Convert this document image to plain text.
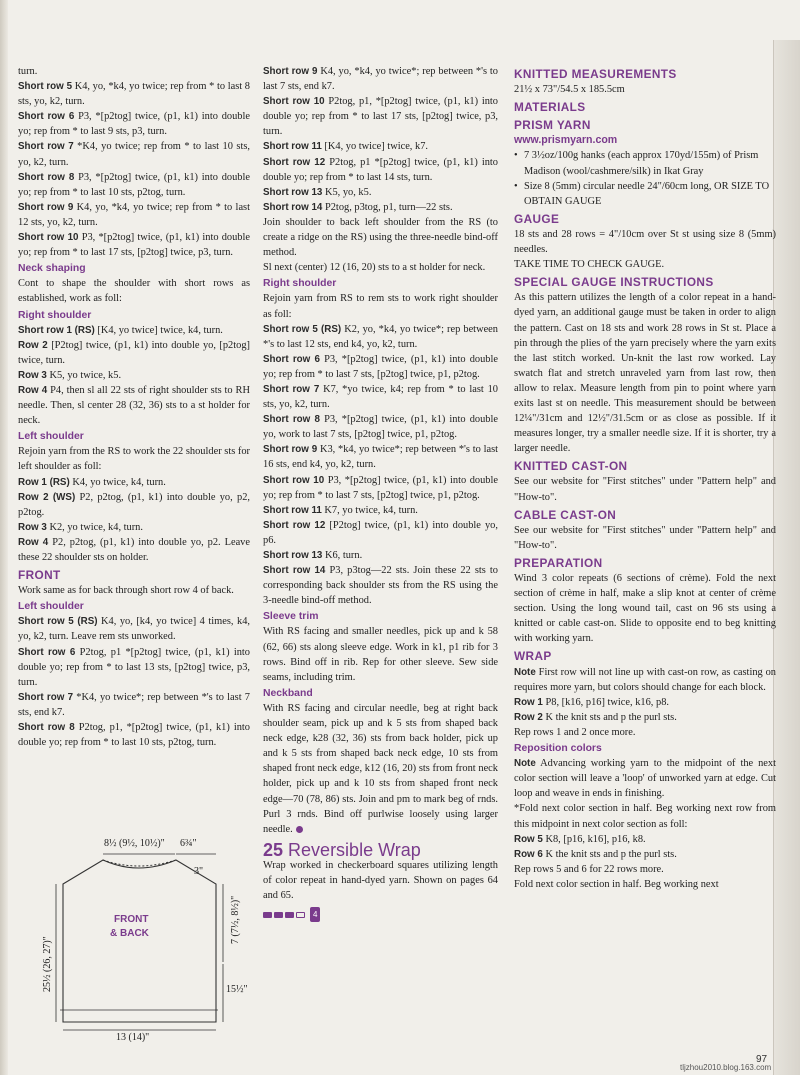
turn.

Short row 5 K4, yo, *k4, yo twice; rep from * to last 8 sts, yo, k2, turn.

Short row 6 P3, *[p2tog] twice, (p1, k1) into double yo; rep from * to last 9 sts, p3, turn.

Short row 7 *K4, yo twice; rep from * to last 10 sts, yo, k2, turn.

Short row 8 P3, *[p2tog] twice, (p1, k1) into double yo; rep from * to last 10 sts, p2tog, turn.

Short row 9 K4, yo, *k4, yo twice; rep from * to last 12 sts, yo, k2, turn.

Short row 10 P3, *[p2tog] twice, (p1, k1) into double yo; rep from * to last 17 sts, [p2tog] twice, p3, turn.

Neck shaping

Cont to shape the shoulder with short rows as established, work as foll:

Right shoulder

Short row 1 (RS) [K4, yo twice] twice, k4, turn.

Row 2 [P2tog] twice, (p1, k1) into double yo, [p2tog] twice, turn.

Row 3 K5, yo twice, k5.

Row 4 P4, then sl all 22 sts of right shoulder sts to RH needle. Then, sl center 28 (32, 36) sts to a st holder for neck.

Left shoulder

Rejoin yarn from the RS to work the 22 shoulder sts for left shoulder as foll:

Row 1 (RS) K4, yo twice, k4, turn.

Row 2 (WS) P2, p2tog, (p1, k1) into double yo, p2, p2tog.

Row 3 K2, yo twice, k4, turn.

Row 4 P2, p2tog, (p1, k1) into double yo, p2. Leave these 22 shoulder sts on holder.

FRONT

Work same as for back through short row 4 of back.

Left shoulder

Short row 5 (RS) K4, yo, [k4, yo twice] 4 times, k4, yo, k2, turn. Leave rem sts unworked.

Short row 6 P2tog, p1 *[p2tog] twice, (p1, k1) into double yo; rep from * to last 13 sts, [p2tog] twice, p3, turn.

Short row 7 *K4, yo twice*; rep between *'s to last 7 sts, end k7.

Short row 8 P2tog, p1, *[p2tog] twice, (p1, k1) into double yo; rep from * to last 10 sts, p2tog, turn.

Short row 9 K4, yo, *k4, yo twice*; rep between *'s to last 7 sts, end k7.

Short row 10 P2tog, p1, *[p2tog] twice, (p1, k1) into double yo; rep from * to last 17 sts, [p2tog] twice, p3, turn.

Short row 11 [K4, yo twice] twice, k7.

Short row 12 P2tog, p1 *[p2tog] twice, (p1, k1) into double yo; rep from * to last 14 sts, turn.

Short row 13 K5, yo, k5.

Short row 14 P2tog, p3tog, p1, turn—22 sts.

Join shoulder to back left shoulder from the RS (to create a ridge on the RS) using the three-needle bind-off method.

Sl next (center) 12 (16, 20) sts to a st holder for neck.

Right shoulder

Rejoin yarn from RS to rem sts to work right shoulder as foll:

Short row 5 (RS) K2, yo, *k4, yo twice*; rep between *'s to last 12 sts, end k4, yo, k2, turn.

Short row 6 P3, *[p2tog] twice, (p1, k1) into double yo; rep from * to last 7 sts, [p2tog] twice, p1, p2tog.

Short row 7 K7, *yo twice, k4; rep from * to last 10 sts, yo, k2, turn.

Short row 8 P3, *[p2tog] twice, (p1, k1) into double yo, work to last 7 sts, [p2tog] twice, p1, p2tog.

Short row 9 K3, *k4, yo twice*; rep between *'s to last 16 sts, end k4, yo, k2, turn.

Short row 10 P3, *[p2tog] twice, (p1, k1) into double yo; rep from * to last 7 sts, [p2tog] twice, p1, p2tog.

Short row 11 K7, yo twice, k4, turn.

Short row 12 [P2tog] twice, (p1, k1) into double yo, p6.

Short row 13 K6, turn.

Short row 14 P3, p3tog—22 sts. Join these 22 sts to corresponding back shoulder sts from the RS using the 3-needle bind-off method.

Sleeve trim

With RS facing and smaller needles, pick up and k 58 (62, 66) sts along sleeve edge. Work in k1, p1 rib for 3 rows. Bind off in rib. Rep for other sleeve. Sew side seams, including trim.

Neckband

With RS facing and circular needle, beg at right back shoulder seam, pick up and k 5 sts from shaped back neck edge, k28 (32, 36) sts from back holder, pick up and k 5 sts from shaped back neck edge, 10 sts from shaped front neck edge, k12 (16, 20) sts from front neck holder, pick up and k 10 sts from shaped front neck edge—70 (78, 86) sts. Join and pm to mark beg of rnds. Purl 3 rnds. Bind off purlwise loosely using larger needle.

25 Reversible Wrap

Wrap worked in checkerboard squares utilizing length of color repeat in hand-dyed yarn. Shown on pages 64 and 65.

4
KNITTED MEASUREMENTS

21½ x 73"/54.5 x 185.5cm

MATERIALS
PRISM YARN
www.prismyarn.com
• 7 3½oz/100g hanks (each approx 170yd/155m) of Prism Madison (wool/cashmere/silk) in Ikat Gray
• Size 8 (5mm) circular needle 24"/60cm long, OR SIZE TO OBTAIN GAUGE
GAUGE

18 sts and 28 rows = 4"/10cm over St st using size 8 (5mm) needles.

TAKE TIME TO CHECK GAUGE.

SPECIAL GAUGE INSTRUCTIONS

As this pattern utilizes the length of a color repeat in a hand-dyed yarn, an additional gauge must be taken in order to align the pattern. Cast on 18 sts and work 28 rows in St st. Place a pin through the plies of the yarn precisely where the yarn exits the last stitch worked. Un-knit the last row worked. Lay swatch flat and stretch unraveled yarn from last row, then allow to relax. Measure length from pin to point where yarn exits last st on needle. This measurement should be between 12¼"/31cm and 12½"/31.5cm or as close as possible. If it measures longer, try a smaller needle size. If it is shorter, try a larger needle.

KNITTED CAST-ON

See our website for "First stitches" under "Pattern help" and "How-to".

CABLE CAST-ON

See our website for "First stitches" under "Pattern help" and "How-to".

PREPARATION

Wind 3 color repeats (6 sections of crème). Fold the next section of crème in half, make a slip knot at center of crème section. Using the long wound tail, cast on 96 sts using a knitted or cable cast-on. Slide to opposite end to beg knitting with working yarn.

WRAP

Note First row will not line up with cast-on row, as casting on requires more yarn, but colors should change for each block.

Row 1 P8, [k16, p16] twice, k16, p8.

Row 2 K the knit sts and p the purl sts.

Rep rows 1 and 2 once more.

Reposition colors

Note Advancing working yarn to the midpoint of the next color section will leave a 'loop' of unworked yarn at edge. Cut loop and weave in ends in finishing.

*Fold next color section in half. Beg working next row from this midpoint in next color section as foll:

Row 5 K8, [p16, k16], p16, k8.

Row 6 K the knit sts and p the purl sts.

Rep rows 5 and 6 for 22 rows more.

Fold next color section in half. Beg working next

8½ (9½, 10½)" 6¾"
3"
7 (7½, 8½)"
15½"
25½ (26, 27)"
FRONT
& BACK
13 (14)"
97
tljzhou2010.blog.163.com
